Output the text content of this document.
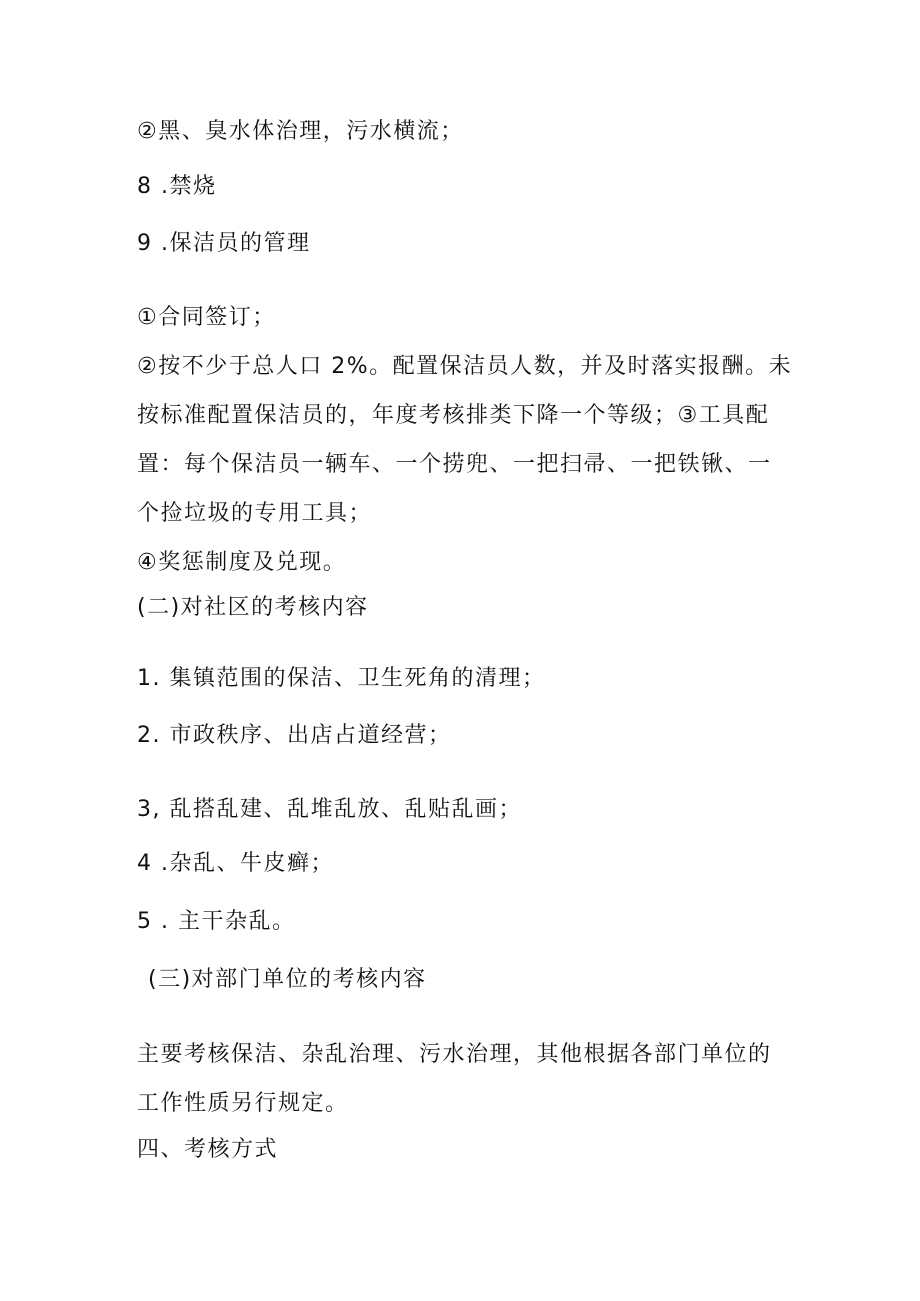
②黑、臭水体治理，污水横流；
8 .禁烧
9 .保洁员的管理
①合同签订；
②按不少于总人口 2%。配置保洁员人数，并及时落实报酬。未
按标准配置保洁员的，年度考核排类下降一个等级；③工具配
置：每个保洁员一辆车、一个捞兜、一把扫帚、一把铁锹、一
个捡垃圾的专用工具；
④奖惩制度及兑现。
(二)对社区的考核内容
1. 集镇范围的保洁、卫生死角的清理；
2. 市政秩序、出店占道经营；
3, 乱搭乱建、乱堆乱放、乱贴乱画；
4 .杂乱、牛皮癣；
5 . 主干杂乱。
(三)对部门单位的考核内容
主要考核保洁、杂乱治理、污水治理，其他根据各部门单位的
工作性质另行规定。
四、考核方式
